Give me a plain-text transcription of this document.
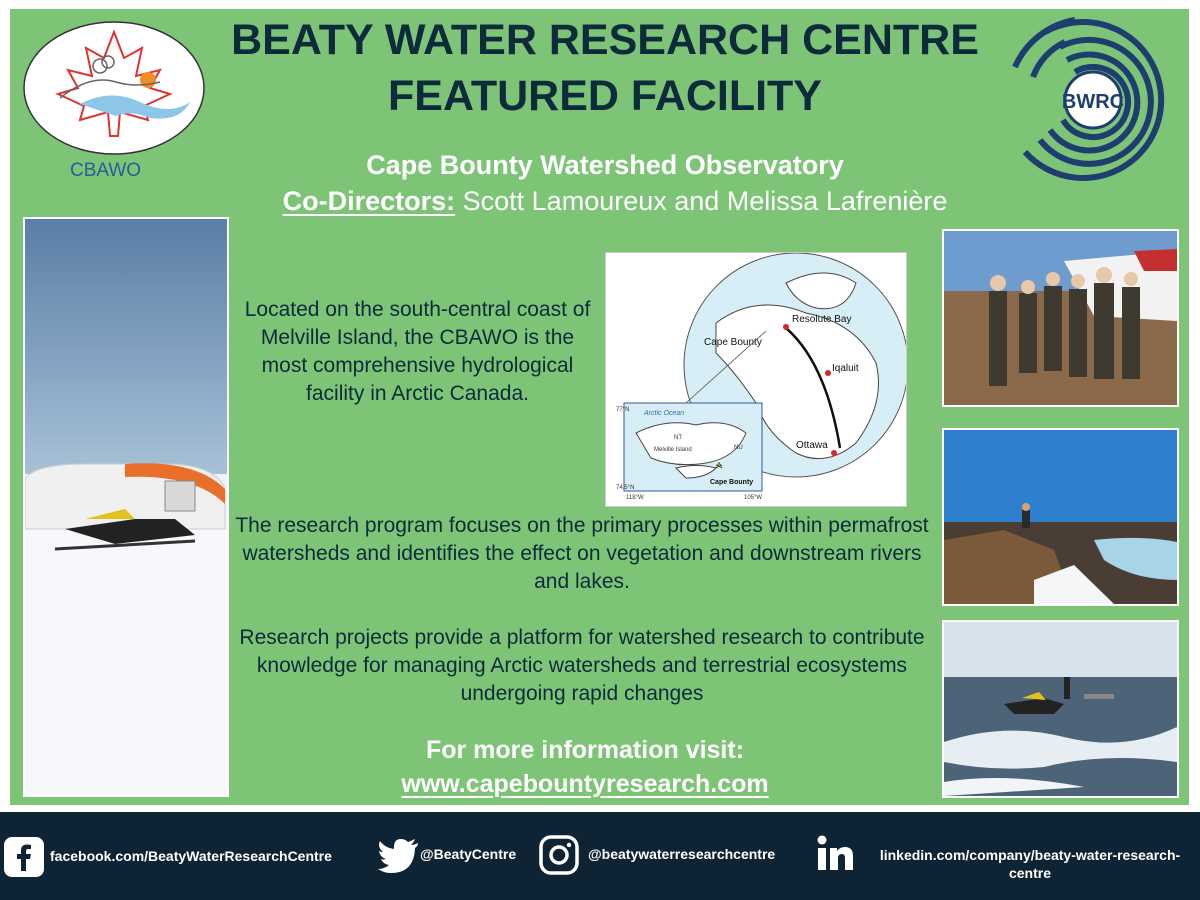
CBAWO
BEATY WATER RESEARCH CENTRE
FEATURED FACILITY	BWRC
Cape Bounty Watershed Observatory
Co-Directors: Scott Lamoureux and Melissa Lafrenière
Located on the south-central coast of Melville Island, the CBAWO is the most comprehensive hydrological facility in Arctic Canada.
Resolute Bay
Cape Bounty
Iqaluit
Ottawa
Arctic Ocean
NT
NU
Melville Island
Cape Bounty
77°N
74.5°N
118°W	105°W
The research program focuses on the primary processes within permafrost watersheds and identifies the effect on vegetation and downstream rivers and lakes.
Research projects provide a platform for watershed research to contribute knowledge for managing Arctic watersheds and terrestrial ecosystems undergoing rapid changes
For more information visit:
www.capebountyresearch.com
facebook.com/BeatyWaterResearchCentre	@BeatyCentre	@beatywaterresearchcentre	linkedin.com/company/beaty-water-research-
centre
